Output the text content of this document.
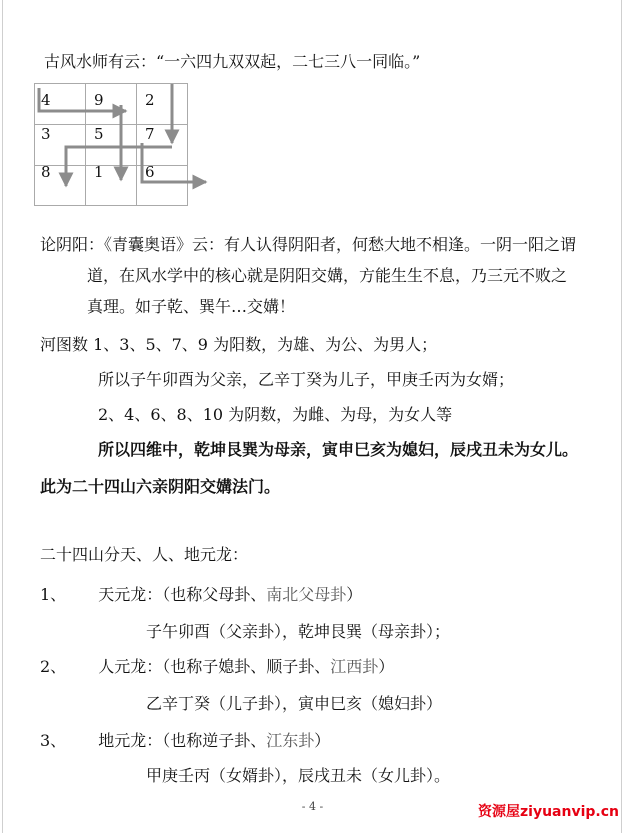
古风水师有云：“一六四九双双起，二七三八一同临。”
4	9	2
3	5	7
8	1	6
论阴阳：《青囊奥语》云：有人认得阴阳者，何愁大地不相逢。一阴一阳之谓
道，在风水学中的核心就是阴阳交媾，方能生生不息，乃三元不败之
真理。如子乾、巽午…交媾！
河图数 1、3、5、7、9 为阳数，为雄、为公、为男人；
所以子午卯酉为父亲，乙辛丁癸为儿子，甲庚壬丙为女婿；
2、4、6、8、10 为阴数，为雌、为母，为女人等
所以四维中，乾坤艮巽为母亲，寅申巳亥为媳妇，辰戌丑未为女儿。
此为二十四山六亲阴阳交媾法门。
二十四山分天、人、地元龙：
1、 天元龙：（也称父母卦、南北父母卦）
子午卯酉（父亲卦），乾坤艮巽（母亲卦）；
2、 人元龙：（也称子媳卦、顺子卦、江西卦）
乙辛丁癸（儿子卦），寅申巳亥（媳妇卦）
3、 地元龙：（也称逆子卦、江东卦）
甲庚壬丙（女婿卦），辰戌丑未（女儿卦）。
- 4 -	资源屋ziyuanvip.cn
